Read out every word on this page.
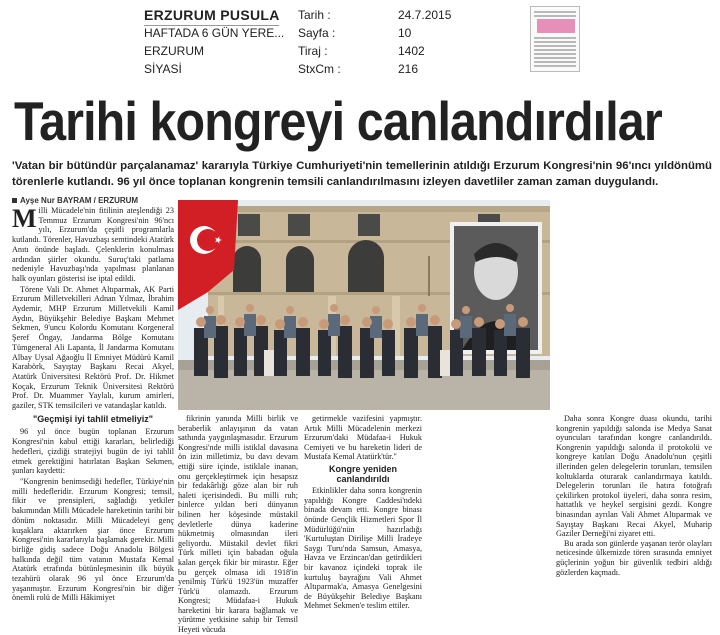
ERZURUM PUSULA
HAFTADA 6 GÜN YERE...
ERZURUM
SİYASİ
Tarih :
Sayfa :
Tiraj :
StxCm :
24.7.2015
10
1402
216
Tarihi kongreyi canlandırdılar
'Vatan bir bütündür parçalanamaz' kararıyla Türkiye Cumhuriyeti'nin temellerinin atıldığı Erzurum Kongresi'nin 96'ıncı yıldönümü törenlerle kutlandı. 96 yıl önce toplanan kongrenin temsili canlandırılmasını izleyen davetliler zaman zaman duygulandı.
Ayşe Nur BAYRAM / ERZURUM

Milli Mücadele'nin fitilinin ateşlendiği 23 Temmuz Erzurum Kongresi'nin 96'ncı yılı, Erzurum'da çeşitli programlarla kutlandı. Törenler, Havuzbaşı semtindeki Atatürk Anıtı önünde başladı. Çelenklerin konulması ardından şiirler okundu. Suruç'taki patlama nedeniyle Havuzbaşı'nda yapılması planlanan halk oyunları gösterisi ise iptal edildi.

Törene Vali Dr. Ahmet Altıparmak, AK Parti Erzurum Milletvekilleri Adnan Yılmaz, İbrahim Aydemir, MHP Erzurum Milletvekili Kamil Aydın, Büyükşehir Belediye Başkanı Mehmet Sekmen, 9'uncu Kolordu Komutanı Korgeneral Şeref Öngay, Jandarma Bölge Komutanı Tümgeneral Ali Lapanta, İl Jandarma Komutanı Albay Uysal Ağaoğlu İl Emniyet Müdürü Kamil Karabörk, Sayıştay Başkanı Recai Akyel, Atatürk Üniversitesi Rektörü Prof. Dr. Hikmet Koçak, Erzurum Teknik Üniversitesi Rektörü Prof. Dr. Muammer Yaylalı, kurum amirleri, gaziler, STK temsilcileri ve vatandaşlar katıldı.

"Geçmişi iyi tahlil etmeliyiz"

96 yıl önce bugün toplanan Erzurum Kongresi'nin kabul ettiği kararları, belirlediği hedefleri, çizdiği stratejiyi bugün de iyi tahlil etmek gerektiğini hatırlatan Başkan Sekmen, şunları kaydetti:

"Kongrenin benimsediği hedefler, Türkiye'nin milli hedefleridir. Erzurum Kongresi; temsil, fikir ve prensipleri, sağladığı yetkiler bakımından Milli Mücadele hareketinin tarihi bir dönüm noktasıdır. Milli Mücadeleyi genç kuşaklara aktarırken şiar önce Erzurum Kongresi'nin kararlarıyla başlamak gerekir. Milli birliğe gidiş sadece Doğu Anadolu Bölgesi halkında değil tüm vatanın Mustafa Kemal Atatürk etrafında bütünleşmesinin ilk büyük tezahürü olarak 96 yıl önce Erzurum'da yaşanmıştır. Erzurum Kongresi'nin bir diğer önemli rolü de Milli Hâkimiyet

fikrinin yanında Milli birlik ve beraberlik anlayışının da vatan sathında yaygınlaşmasıdır. Erzurum Kongresi'nde milli istiklal davasına ön izin milletimiz, bu davı devam ettiği süre içinde, istiklale inanan, onu gerçekleştirmek için hesapsız bir fedakârlığı göze alan bir ruh haleti içerisindedi. Bu milli ruh; binlerce yıldan beri dünyanın bilinen her köşesinde müstakil devletlerle dünya kaderine hükmetmiş olmasından ileri geliyordu. Müstakil devlet fikri Türk milleti için babadan oğula kalan gerçek fikir bir mirastır. Eğer bu gerçek olmasa idi 1918'in yenilmiş Türk'ü 1923'ün muzaffer Türk'ü olamazdı. Erzurum Kongresi; Müdafaa-i Hukuk hareketini bir karara bağlamak ve yürütme yetkisine sahip bir Temsil Heyeti vücuda

getirmekle vazifesini yapmıştır. Artık Milli Mücadelenin merkezi Erzurum'daki Müdafaa-i Hukuk Cemiyeti ve bu hareketin lideri de Mustafa Kemal Atatürk'tür."

Kongre yeniden canlandırıldı

Etkinlikler daha sonra kongrenin yapıldığı Kongre Caddesi'ndeki binada devam etti. Kongre binası önünde Gençlik Hizmetleri Spor İl Müdürlüğü'nün hazırladığı 'Kurtuluştan Dirilişe Milli İradeye Saygı Turu'nda Samsun, Amasya, Havza ve Erzincan'dan getirdikleri bir kavanoz içindeki toprak ile kurtuluş bayrağını Vali Ahmet Altıparmak'a, Amasya Genelgesini de Büyükşehir Belediye Başkanı Mehmet Sekmen'e teslim ettiler.

Daha sonra Kongre duası okundu, tarihi kongrenin yapıldığı salonda ise Medya Sanat oyuncuları tarafından kongre canlandırıldı. Kongrenin yapıldığı salonda il protokolü ve kongreye katılan Doğu Anadolu'nun çeşitli illerinden gelen delegelerin torunları, temsilen koltuklarda oturarak canlandırmaya katıldı. Delegelerin torunları ile hatıra fotoğrafı çekilirken protokol üyeleri, daha sonra resim, hattatlık ve heykel sergisini gezdi. Kongre binasından ayrılan Vali Ahmet Altıparmak ve Sayıştay Başkanı Recai Akyel, Muharip Gaziler Derneği'ni ziyaret etti.

Bu arada son günlerde yaşanan terör olayları neticesinde ülkemizde tören sırasında emniyet güçlerinin yoğun bir güvenlik tedbiri aldığı gözlerden kaçmadı.
